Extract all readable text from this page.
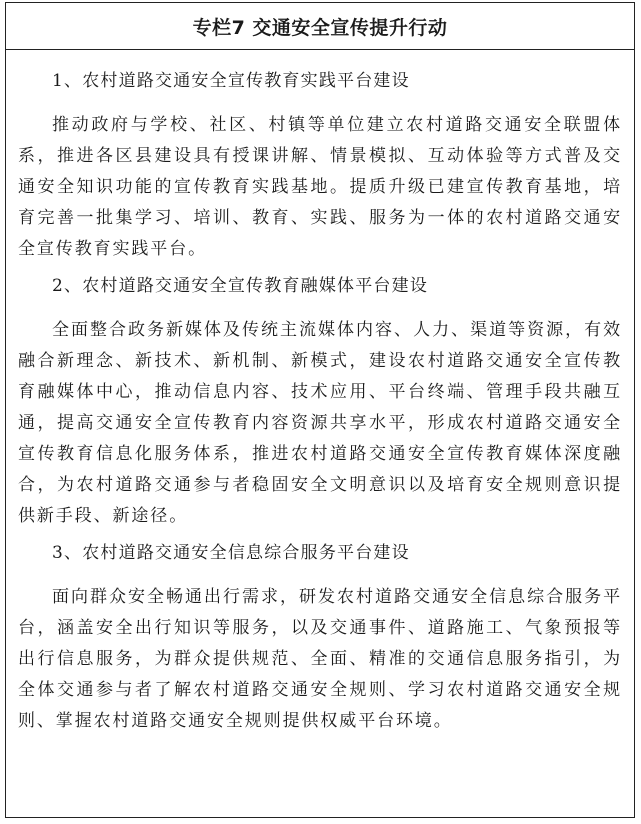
专栏7 交通安全宣传提升行动
1、农村道路交通安全宣传教育实践平台建设
推动政府与学校、社区、村镇等单位建立农村道路交通安全联盟体系，推进各区县建设具有授课讲解、情景模拟、互动体验等方式普及交通安全知识功能的宣传教育实践基地。提质升级已建宣传教育基地，培育完善一批集学习、培训、教育、实践、服务为一体的农村道路交通安全宣传教育实践平台。
2、农村道路交通安全宣传教育融媒体平台建设
全面整合政务新媒体及传统主流媒体内容、人力、渠道等资源，有效融合新理念、新技术、新机制、新模式，建设农村道路交通安全宣传教育融媒体中心，推动信息内容、技术应用、平台终端、管理手段共融互通，提高交通安全宣传教育内容资源共享水平，形成农村道路交通安全宣传教育信息化服务体系，推进农村道路交通安全宣传教育媒体深度融合，为农村道路交通参与者稳固安全文明意识以及培育安全规则意识提供新手段、新途径。
3、农村道路交通安全信息综合服务平台建设
面向群众安全畅通出行需求，研发农村道路交通安全信息综合服务平台，涵盖安全出行知识等服务，以及交通事件、道路施工、气象预报等出行信息服务，为群众提供规范、全面、精准的交通信息服务指引，为全体交通参与者了解农村道路交通安全规则、学习农村道路交通安全规则、掌握农村道路交通安全规则提供权威平台环境。
